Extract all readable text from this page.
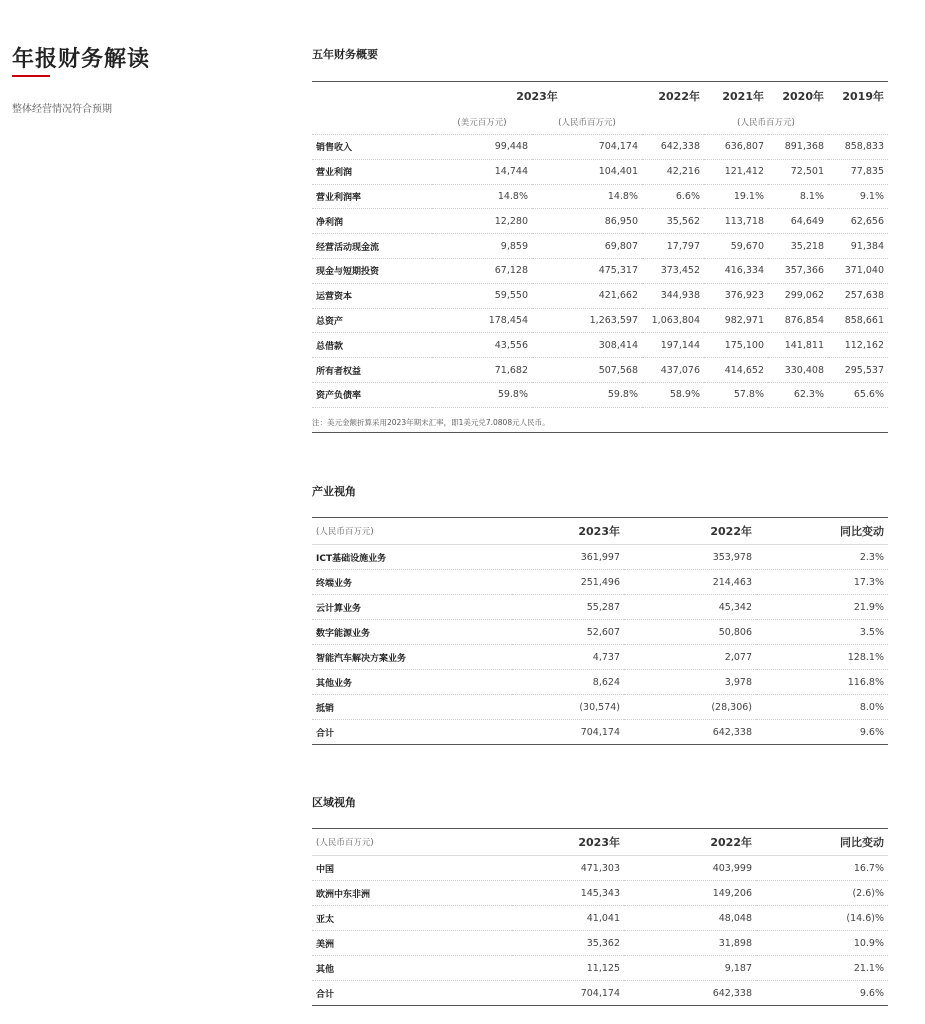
年报财务解读
整体经营情况符合预期
五年财务概要
	2023年		2022年	2021年	2020年	2019年
	(美元百万元)	(人民币百万元)		(人民币百万元)		
销售收入	99,448	704,174	642,338	636,807	891,368	858,833
营业利润	14,744	104,401	42,216	121,412	72,501	77,835
营业利润率	14.8%	14.8%	6.6%	19.1%	8.1%	9.1%
净利润	12,280	86,950	35,562	113,718	64,649	62,656
经营活动现金流	9,859	69,807	17,797	59,670	35,218	91,384
现金与短期投资	67,128	475,317	373,452	416,334	357,366	371,040
运营资本	59,550	421,662	344,938	376,923	299,062	257,638
总资产	178,454	1,263,597	1,063,804	982,971	876,854	858,661
总借款	43,556	308,414	197,144	175,100	141,811	112,162
所有者权益	71,682	507,568	437,076	414,652	330,408	295,537
资产负债率	59.8%	59.8%	58.9%	57.8%	62.3%	65.6%
注：美元金额折算采用2023年期末汇率，即1美元兑7.0808元人民币。
产业视角
(人民币百万元)	2023年	2022年	同比变动
ICT基础设施业务	361,997	353,978	2.3%
终端业务	251,496	214,463	17.3%
云计算业务	55,287	45,342	21.9%
数字能源业务	52,607	50,806	3.5%
智能汽车解决方案业务	4,737	2,077	128.1%
其他业务	8,624	3,978	116.8%
抵销	(30,574)	(28,306)	8.0%
合计	704,174	642,338	9.6%
区域视角
(人民币百万元)	2023年	2022年	同比变动
中国	471,303	403,999	16.7%
欧洲中东非洲	145,343	149,206	(2.6)%
亚太	41,041	48,048	(14.6)%
美洲	35,362	31,898	10.9%
其他	11,125	9,187	21.1%
合计	704,174	642,338	9.6%
